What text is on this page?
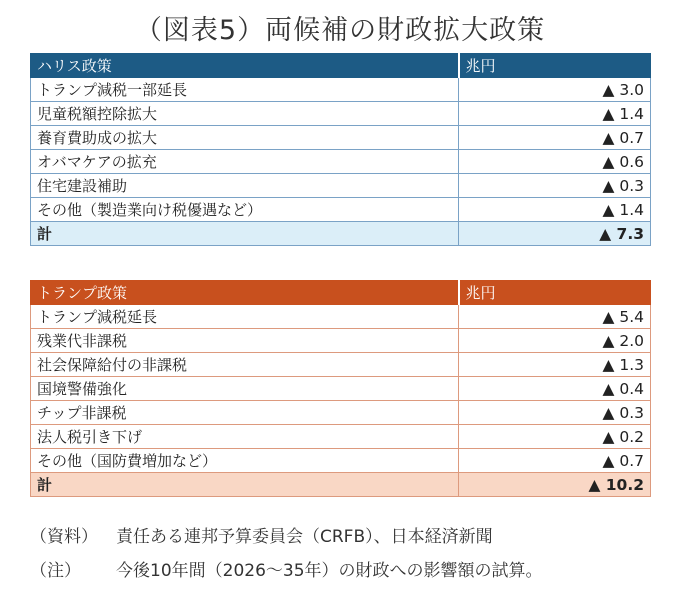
（図表5）両候補の財政拡大政策
ハリス政策	兆円
トランプ減税一部延長	▲ 3.0
児童税額控除拡大	▲ 1.4
養育費助成の拡大	▲ 0.7
オバマケアの拡充	▲ 0.6
住宅建設補助	▲ 0.3
その他（製造業向け税優遇など）	▲ 1.4
計	▲ 7.3
トランプ政策	兆円
トランプ減税延長	▲ 5.4
残業代非課税	▲ 2.0
社会保障給付の非課税	▲ 1.3
国境警備強化	▲ 0.4
チップ非課税	▲ 0.3
法人税引き下げ	▲ 0.2
その他（国防費増加など）	▲ 0.7
計	▲ 10.2
（資料） 責任ある連邦予算委員会（CRFB）、日本経済新聞
（注） 今後10年間（2026～35年）の財政への影響額の試算。
